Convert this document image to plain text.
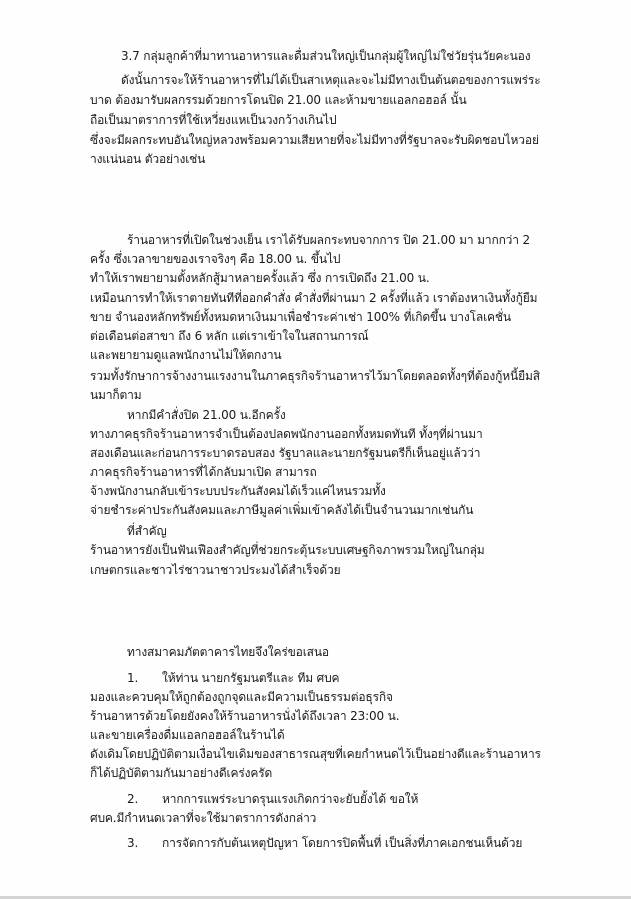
3.7 กลุ่มลูกค้าที่มาทานอาหารและดื่มส่วนใหญ่เป็นกลุ่มผู้ใหญ่ไม่ใช่วัยรุ่นวัยคะนอง
ดังนั้นการจะให้ร้านอาหารที่ไม่ได้เป็นสาเหตุและจะไม่มีทางเป็นต้นตอของการแพร่ระ
บาด ต้องมารับผลกรรมด้วยการโดนปิด 21.00 และห้ามขายแอลกอฮอล์ นั้น
ถือเป็นมาตราการที่ใช้เหวี่ยงแหเป็นวงกว้างเกินไป
ซึ่งจะมีผลกระทบอันใหญ่หลวงพร้อมความเสียหายที่จะไม่มีทางที่รัฐบาลจะรับผิดชอบไหวอย่
างแน่นอน ตัวอย่างเช่น
ร้านอาหารที่เปิดในช่วงเย็น เราได้รับผลกระทบจากการ ปิด 21.00 มา มากกว่า 2
ครั้ง ซึ่งเวลาขายของเราจริงๆ คือ 18.00 น. ขึ้นไป
ทำให้เราพยายามตั้งหลักสู้มาหลายครั้งแล้ว ซึ่ง การเปิดถึง 21.00 น.
เหมือนการทำให้เราตายทันทีที่ออกคำสั่ง คำสั่งที่ผ่านมา 2 ครั้งที่แล้ว เราต้องหาเงินทั้งกู้ยืม
ขาย จำนองหลักทรัพย์ทั้งหมดหาเงินมาเพื่อชำระค่าเช่า 100% ที่เกิดขึ้น บางโลเคชั่น
ต่อเดือนต่อสาขา ถึง 6 หลัก แต่เราเข้าใจในสถานการณ์
และพยายามดูแลพนักงานไม่ให้ตกงาน
รวมทั้งรักษาการจ้างงานแรงงานในภาคธุรกิจร้านอาหารไว้มาโดยตลอดทั้งๆที่ต้องกู้หนี้ยืมสิ
นมาก็ตาม
หากมีคำสั่งปิด 21.00 น.อีกครั้ง
ทางภาคธุรกิจร้านอาหารจำเป็นต้องปลดพนักงานออกทั้งหมดทันที ทั้งๆที่ผ่านมา
สองเดือนและก่อนการระบาดรอบสอง รัฐบาลและนายกรัฐมนตรีก็เห็นอยู่แล้วว่า
ภาคธุรกิจร้านอาหารที่ได้กลับมาเปิด สามารถ
จ้างพนักงานกลับเข้าระบบประกันสังคมได้เร็วแค่ไหนรวมทั้ง
จ่ายชำระค่าประกันสังคมและภาษีมูลค่าเพิ่มเข้าคลังได้เป็นจำนวนมากเช่นกัน
ที่สำคัญ
ร้านอาหารยังเป็นฟันเฟืองสำคัญที่ช่วยกระตุ้นระบบเศษฐกิจภาพรวมใหญ่ในกลุ่ม
เกษตกรและชาวไร่ชาวนาชาวประมงได้สำเร็จด้วย
ทางสมาคมภัตตาคารไทยจึงใคร่ขอเสนอ
1. ให้ท่าน นายกรัฐมนตรีและ ทีม ศบค
มองและควบคุมให้ถูกต้องถูกจุดและมีความเป็นธรรมต่อธุรกิจ
ร้านอาหารด้วยโดยยังคงให้ร้านอาหารนั่งได้ถึงเวลา 23:00 น.
และขายเครื่องดื่มแอลกอฮอล์ในร้านได้
ดังเดิมโดยปฏิบัติตามเงื่อนไขเดิมของสาธารณสุขที่เคยกำหนดไว้เป็นอย่างดีและร้านอาหาร
ก็ได้ปฏิบัติตามกันมาอย่างดีเคร่งครัด
2. หากการแพร่ระบาดรุนแรงเกิดกว่าจะยับยั้งได้ ขอให้
ศบค.มีกำหนดเวลาที่จะใช้มาตราการดังกล่าว
3. การจัดการกับต้นเหตุปัญหา โดยการปิดพื้นที่ เป็นสิ่งที่ภาคเอกชนเห็นด้วย
